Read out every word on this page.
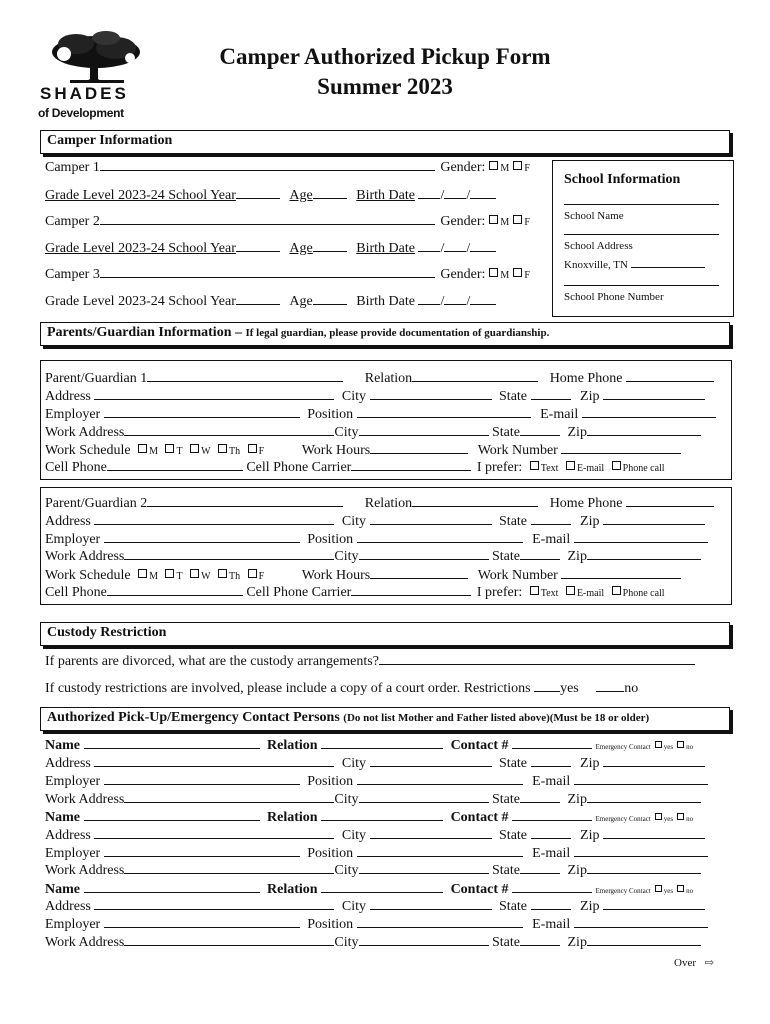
SHADES
of Development
Camper Authorized Pickup Form
Summer 2023
Camper Information
Camper 1	Gender: M F
Grade Level 2023-24 School Year	Age	Birth Date / /
Camper 2	Gender: M F
Grade Level 2023-24 School Year	Age	Birth Date / /
Camper 3	Gender: M F
Grade Level 2023-24 School Year	Age	Birth Date / /
School Information
School Name
School Address
Knoxville, TN
School Phone Number
Parents/Guardian Information – If legal guardian, please provide documentation of guardianship.
Parent/Guardian 1	Relation	Home Phone
Address	City	State	Zip
Employer	Position	E-mail
Work Address	City	State	Zip
Work Schedule M T W Th F	Work Hours	Work Number
Cell Phone	Cell Phone Carrier	I prefer: Text E-mail Phone call
Parent/Guardian 2	Relation	Home Phone
Address	City	State	Zip
Employer	Position	E-mail
Work Address	City	State	Zip
Work Schedule M T W Th F	Work Hours	Work Number
Cell Phone	Cell Phone Carrier	I prefer: Text E-mail Phone call
Custody Restriction
If parents are divorced, what are the custody arrangements?
If custody restrictions are involved, please include a copy of a court order. Restrictions yes	no
Authorized Pick-Up/Emergency Contact Persons (Do not list Mother and Father listed above)(Must be 18 or older)
Name	Relation	Contact #	Emergency Contact yes no
Address	City	State	Zip
Employer	Position	E-mail
Work Address	City	State	Zip
Name	Relation	Contact #	Emergency Contact yes no
Address	City	State	Zip
Employer	Position	E-mail
Work Address	City	State	Zip
Name	Relation	Contact #	Emergency Contact yes no
Address	City	State	Zip
Employer	Position	E-mail
Work Address	City	State	Zip
Over ⇨
